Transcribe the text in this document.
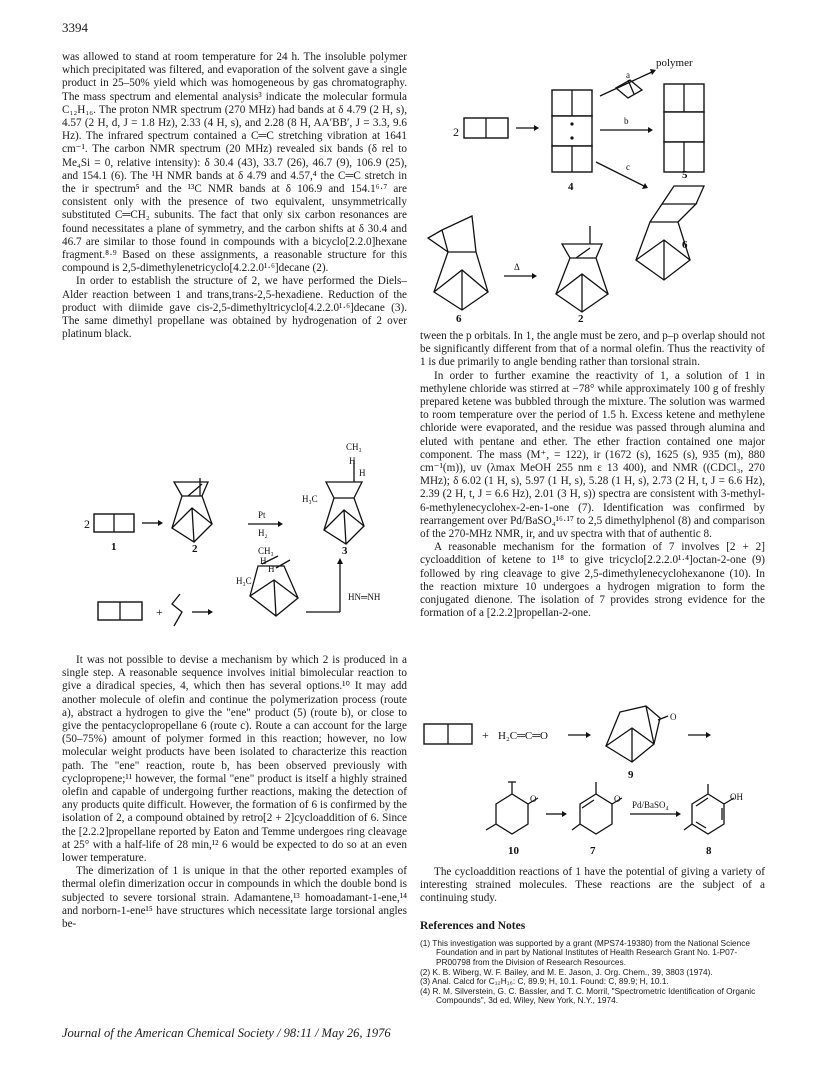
3394

was allowed to stand at room temperature for 24 h. The insoluble polymer which precipitated was filtered, and evaporation of the solvent gave a single product in 25–50% yield which was homogeneous by gas chromatography. The mass spectrum and elemental analysis³ indicate the molecular formula C₁₂H₁₆. The proton NMR spectrum (270 MHz) had bands at δ 4.79 (2 H, s), 4.57 (2 H, d, J = 1.8 Hz), 2.33 (4 H, s), and 2.28 (8 H, AA′BB′, J = 3.3, 9.6 Hz). The infrared spectrum contained a C═C stretching vibration at 1641 cm⁻¹. The carbon NMR spectrum (20 MHz) revealed six bands (δ rel to Me₄Si = 0, relative intensity): δ 30.4 (43), 33.7 (26), 46.7 (9), 106.9 (25), and 154.1 (6). The ¹H NMR bands at δ 4.79 and 4.57,⁴ the C═C stretch in the ir spectrum⁵ and the ¹³C NMR bands at δ 106.9 and 154.1⁶·⁷ are consistent only with the presence of two equivalent, unsymmetrically substituted C═CH₂ subunits. The fact that only six carbon resonances are found necessitates a plane of symmetry, and the carbon shifts at δ 30.4 and 46.7 are similar to those found in compounds with a bicyclo[2.2.0]hexane fragment.⁸·⁹ Based on these assignments, a reasonable structure for this compound is 2,5-dimethylenetricyclo[4.2.2.0¹·⁶]decane (2).

In order to establish the structure of 2, we have performed the Diels–Alder reaction between 1 and trans,trans-2,5-hexadiene. Reduction of the product with diimide gave cis-2,5-dimethyltricyclo[4.2.2.0¹·⁶]decane (3). The same dimethyl propellane was obtained by hydrogenation of 2 over platinum black.

2
1	2
Pt
H₂
CH₃
H
H
H₃C
3
+
H₃C
CH₃
H
H
HN═NH

It was not possible to devise a mechanism by which 2 is produced in a single step. A reasonable sequence involves initial bimolecular reaction to give a diradical species, 4, which then has several options.¹⁰ It may add another molecule of olefin and continue the polymerization process (route a), abstract a hydrogen to give the "ene" product (5) (route b), or close to give the pentacyclopropellane 6 (route c). Route a can account for the large (50–75%) amount of polymer formed in this reaction; however, no low molecular weight products have been isolated to characterize this reaction path. The "ene" reaction, route b, has been observed previously with cyclopropene;¹¹ however, the formal "ene" product is itself a highly strained olefin and capable of undergoing further reactions, making the detection of any products quite difficult. However, the formation of 6 is confirmed by the isolation of 2, a compound obtained by retro[2 + 2]cycloaddition of 6. Since the [2.2.2]propellane reported by Eaton and Temme undergoes ring cleavage at 25° with a half-life of 28 min,¹² 6 would be expected to do so at an even lower temperature.

The dimerization of 1 is unique in that the other reported examples of thermal olefin dimerization occur in compounds in which the double bond is subjected to severe torsional strain. Adamantene,¹³ homoadamant-1-ene,¹⁴ and norborn-1-ene¹⁵ have structures which necessitate large torsional angles be-

polymer
2
4
a
b
5
c
6
6
Δ
2

tween the p orbitals. In 1, the angle must be zero, and p–p overlap should not be significantly different from that of a normal olefin. Thus the reactivity of 1 is due primarily to angle bending rather than torsional strain.

In order to further examine the reactivity of 1, a solution of 1 in methylene chloride was stirred at −78° while approximately 100 g of freshly prepared ketene was bubbled through the mixture. The solution was warmed to room temperature over the period of 1.5 h. Excess ketene and methylene chloride were evaporated, and the residue was passed through alumina and eluted with pentane and ether. The ether fraction contained one major component. The mass (M⁺, = 122), ir (1672 (s), 1625 (s), 935 (m), 880 cm⁻¹(m)), uv (λmax MeOH 255 nm ε 13 400), and NMR ((CDCl₃, 270 MHz); δ 6.02 (1 H, s), 5.97 (1 H, s), 5.28 (1 H, s), 2.73 (2 H, t, J = 6.6 Hz), 2.39 (2 H, t, J = 6.6 Hz), 2.01 (3 H, s)) spectra are consistent with 3-methyl-6-methylenecyclohex-2-en-1-one (7). Identification was confirmed by rearrangement over Pd/BaSO₄¹⁶·¹⁷ to 2,5 dimethylphenol (8) and comparison of the 270-MHz NMR, ir, and uv spectra with that of authentic 8.

A reasonable mechanism for the formation of 7 involves [2 + 2] cycloaddition of ketene to 1¹⁸ to give tricyclo[2.2.2.0¹·⁴]octan-2-one (9) followed by ring cleavage to give 2,5-dimethylenecyclohexanone (10). In the reaction mixture 10 undergoes a hydrogen migration to form the conjugated dienone. The isolation of 7 provides strong evidence for the formation of a [2.2.2]propellan-2-one.

+ H₂C═C═O
O
9
O
10
O
7
Pd/BaSO₄
OH
8

The cycloaddition reactions of 1 have the potential of giving a variety of interesting strained molecules. These reactions are the subject of a continuing study.

References and Notes

(1) This investigation was supported by a grant (MPS74-19380) from the National Science Foundation and in part by National Institutes of Health Research Grant No. 1-P07-PR00798 from the Division of Research Resources.
(2) K. B. Wiberg, W. F. Bailey, and M. E. Jason, J. Org. Chem., 39, 3803 (1974).
(3) Anal. Calcd for C₁₂H₁₆: C, 89.9; H, 10.1. Found: C, 89.9; H, 10.1.
(4) R. M. Silverstein, G. C. Bassler, and T. C. Morril, "Spectrometric Identification of Organic Compounds", 3d ed, Wiley, New York, N.Y., 1974.
Journal of the American Chemical Society / 98:11 / May 26, 1976
